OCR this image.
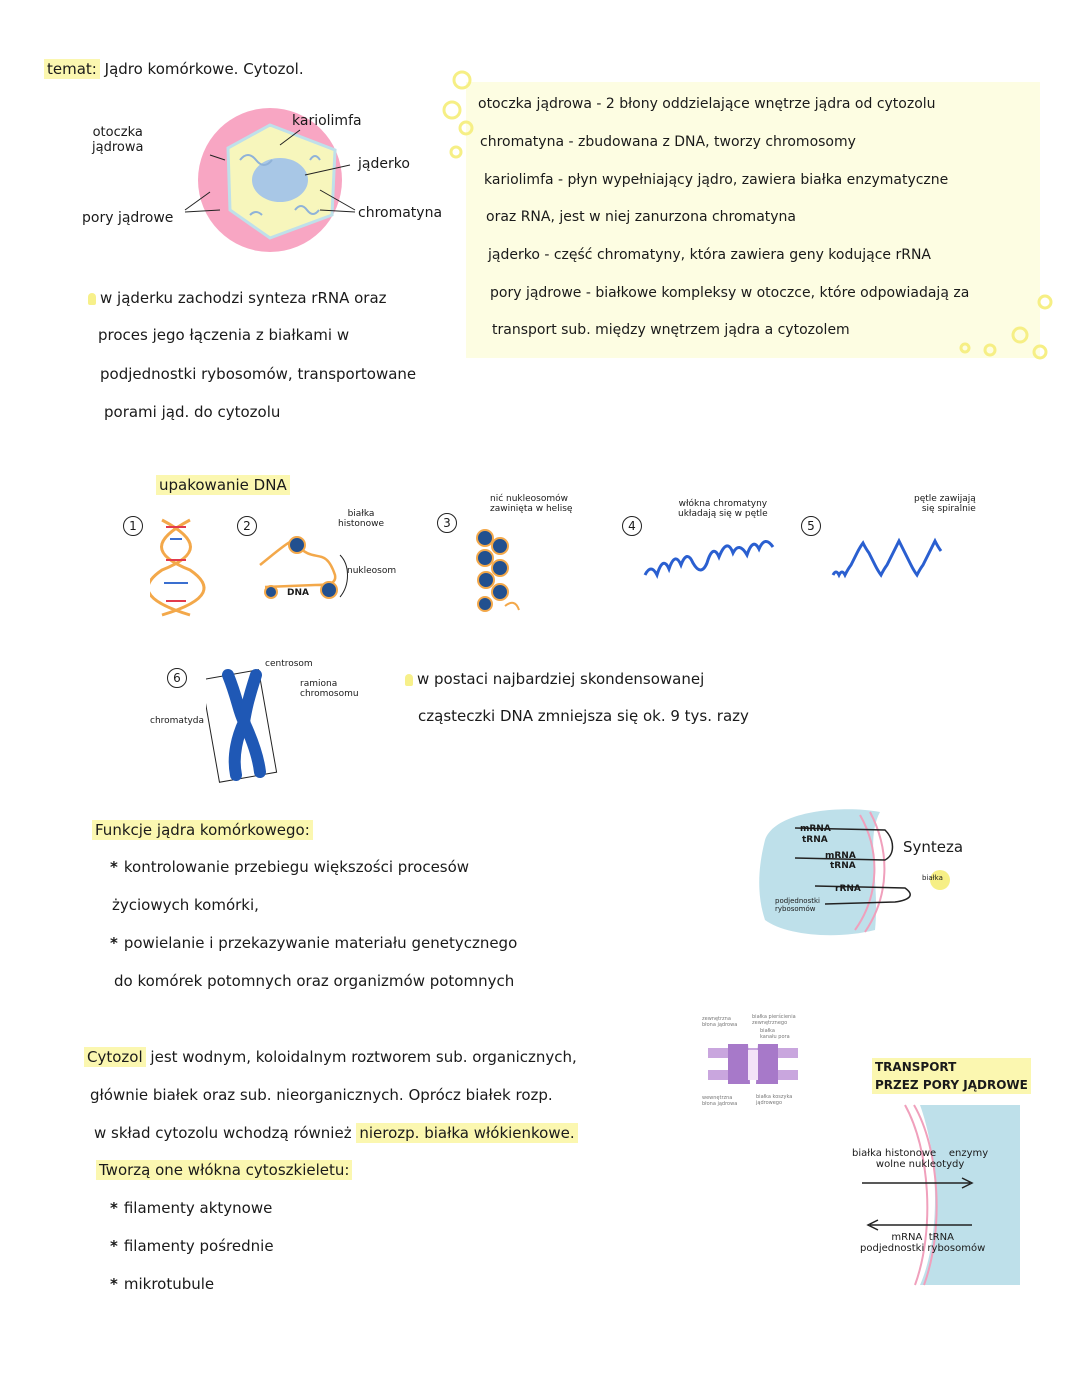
temat: Jądro komórkowe. Cytozol.
otoczka
jądrowa
kariolimfa
jąderko
pory jądrowe	chromatyna
otoczka jądrowa - 2 błony oddzielające wnętrze jądra od cytozolu
chromatyna - zbudowana z DNA, tworzy chromosomy
kariolimfa - płyn wypełniający jądro, zawiera białka enzymatyczne
oraz RNA, jest w niej zanurzona chromatyna
jąderko - część chromatyny, która zawiera geny kodujące rRNA
pory jądrowe - białkowe kompleksy w otoczce, które odpowiadają za
transport sub. między wnętrzem jądra a cytozolem
w jąderku zachodzi synteza rRNA oraz
proces jego łączenia z białkami w
podjednostki rybosomów, transportowane
porami jąd. do cytozolu
upakowanie DNA
1	2	3	4	5
6
białka
histonowe
nukleosom
DNA
nić nukleosomów
zawinięta w helisę	włókna chromatyny
układają się w pętle
pętle zawijają
się spiralnie
centrosom
ramiona
chromosomu
chromatyda
w postaci najbardziej skondensowanej
cząsteczki DNA zmniejsza się ok. 9 tys. razy
Funkcje jądra komórkowego:
* kontrolowanie przebiegu większości procesów
życiowych komórki,
* powielanie i przekazywanie materiału genetycznego
do komórek potomnych oraz organizmów potomnych
mRNA
tRNA
mRNA
tRNA
rRNA
białka
podjednostki
rybosomów
Synteza
Cytozol jest wodnym, koloidalnym roztworem sub. organicznych,
głównie białek oraz sub. nieorganicznych. Oprócz białek rozp.
w skład cytozolu wchodzą również nierozp. białka włókienkowe.
Tworzą one włókna cytoszkieletu:
* filamenty aktynowe
* filamenty pośrednie
* mikrotubule
zewnętrzna
błona jądrowa
białka pierścienia
zewnętrznego
białka
kanału pora
wewnętrzna
błona jądrowa
białka koszyka
jądrowego
TRANSPORT
PRZEZ PORY JĄDROWE
białka histonowe    enzymy
wolne nukleotydy
mRNA  tRNA
podjednostki rybosomów
